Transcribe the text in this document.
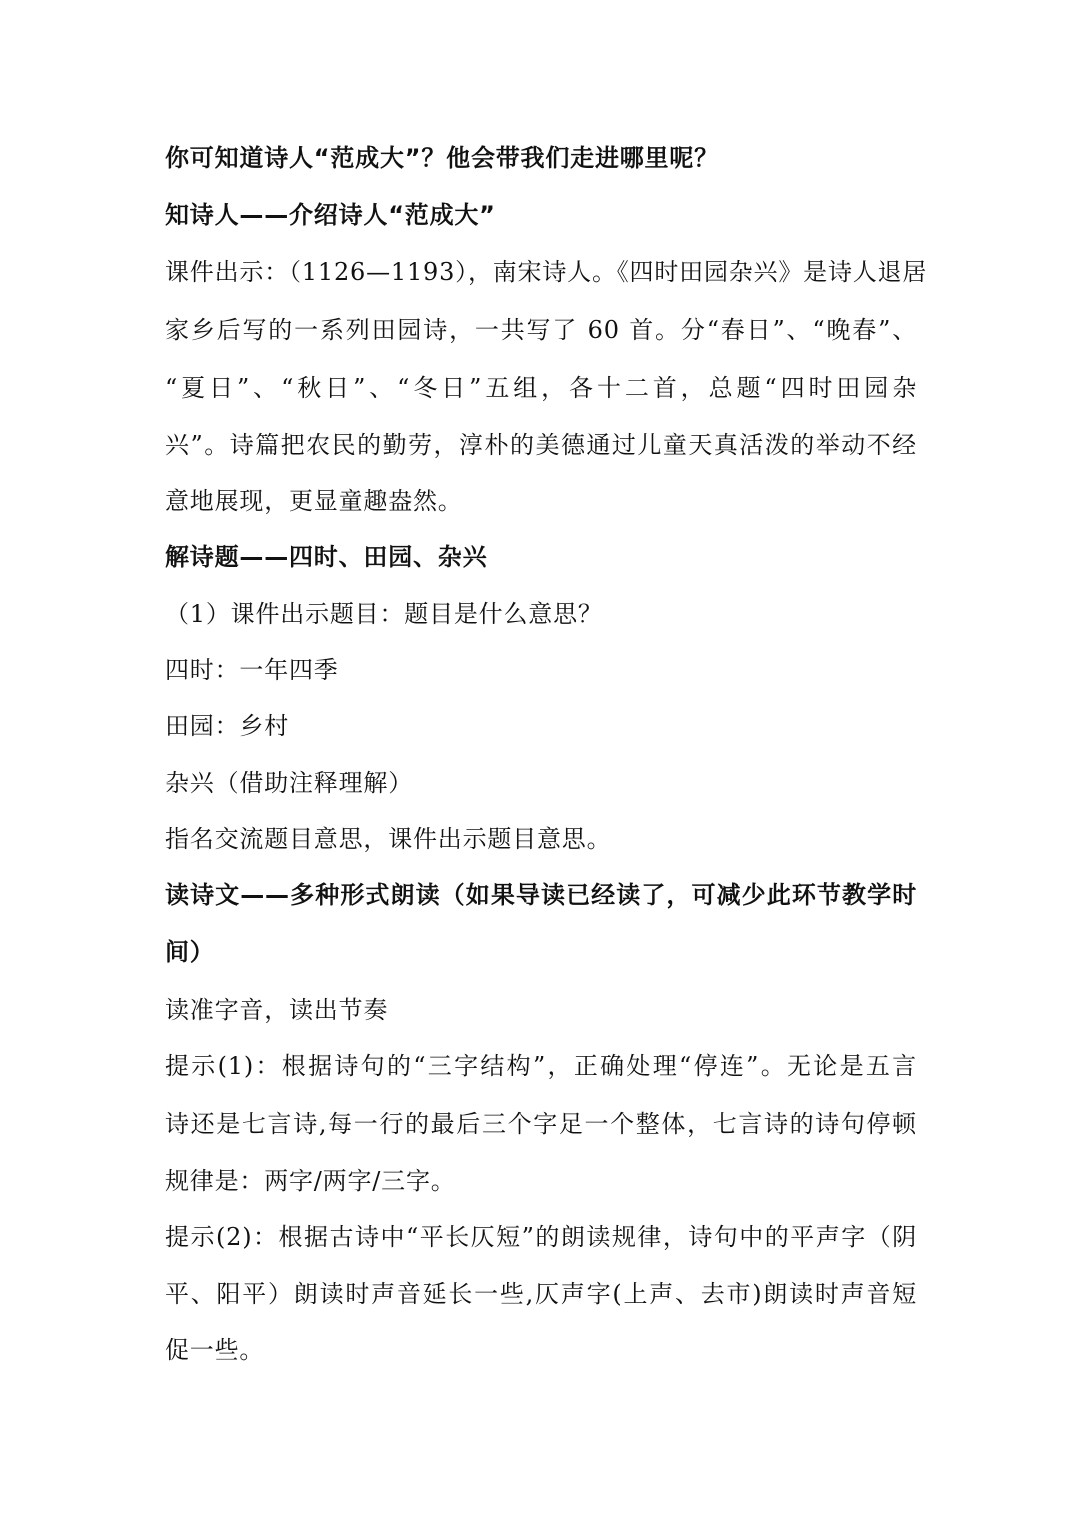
你可知道诗人“范成大”？他会带我们走进哪里呢？
知诗人——介绍诗人“范成大”
课件出示：（1126—1193），南宋诗人。《四时田园杂兴》是诗人退居
家乡后写的一系列田园诗，一共写了 60 首。分“春日”、“晚春”、
“夏日”、“秋日”、“冬日”五组，各十二首，总题“四时田园杂
兴”。诗篇把农民的勤劳，淳朴的美德通过儿童天真活泼的举动不经
意地展现，更显童趣盎然。
解诗题——四时、田园、杂兴
（1）课件出示题目：题目是什么意思？
四时：一年四季
田园：乡村
杂兴（借助注释理解）
指名交流题目意思，课件出示题目意思。
读诗文——多种形式朗读（如果导读已经读了，可减少此环节教学时
间）
读准字音，读出节奏
提示(1)：根据诗句的“三字结构”，正确处理“停连”。无论是五言
诗还是七言诗,每一行的最后三个字足一个整体，七言诗的诗句停顿
规律是：两字/两字/三字。
提示(2)：根据古诗中“平长仄短”的朗读规律，诗句中的平声字（阴
平、阳平）朗读时声音延长一些,仄声字(上声、去市)朗读时声音短
促一些。
